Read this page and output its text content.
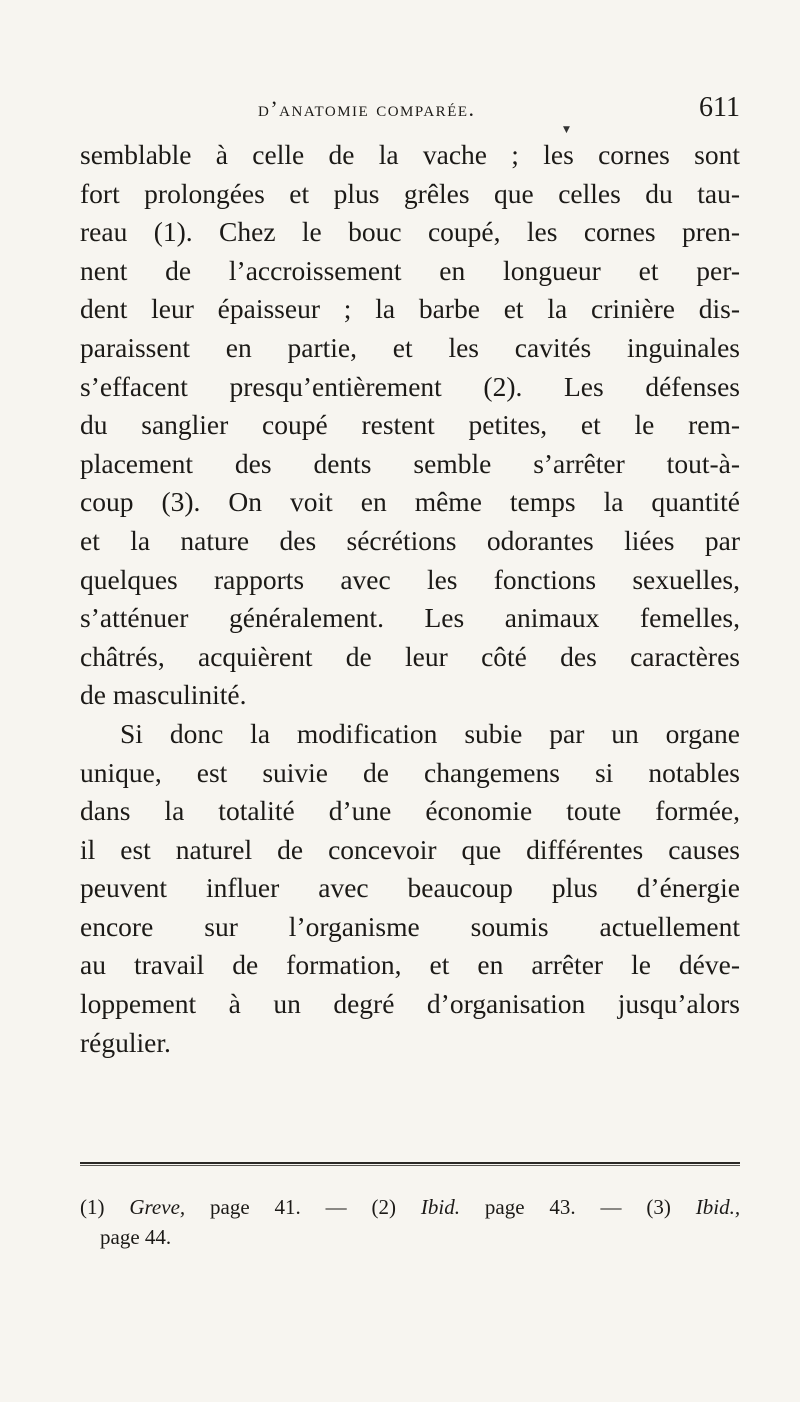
d’anatomie comparée.	611
▼
semblable à celle de la vache ; les cornes sont
fort prolongées et plus grêles que celles du tau-
reau (1). Chez le bouc coupé, les cornes pren-
nent de l’accroissement en longueur et per-
dent leur épaisseur ; la barbe et la crinière dis-
paraissent en partie, et les cavités inguinales
s’effacent presqu’entièrement (2). Les défenses
du sanglier coupé restent petites, et le rem-
placement des dents semble s’arrêter tout-à-
coup (3). On voit en même temps la quantité
et la nature des sécrétions odorantes liées par
quelques rapports avec les fonctions sexuelles,
s’atténuer généralement. Les animaux femelles,
châtrés, acquièrent de leur côté des caractères
de masculinité.
Si donc la modification subie par un organe
unique, est suivie de changemens si notables
dans la totalité d’une économie toute formée,
il est naturel de concevoir que différentes causes
peuvent influer avec beaucoup plus d’énergie
encore sur l’organisme soumis actuellement
au travail de formation, et en arrêter le déve-
loppement à un degré d’organisation jusqu’alors
régulier.
(1) Greve, page 41. — (2) Ibid. page 43. — (3) Ibid.,
page 44.
